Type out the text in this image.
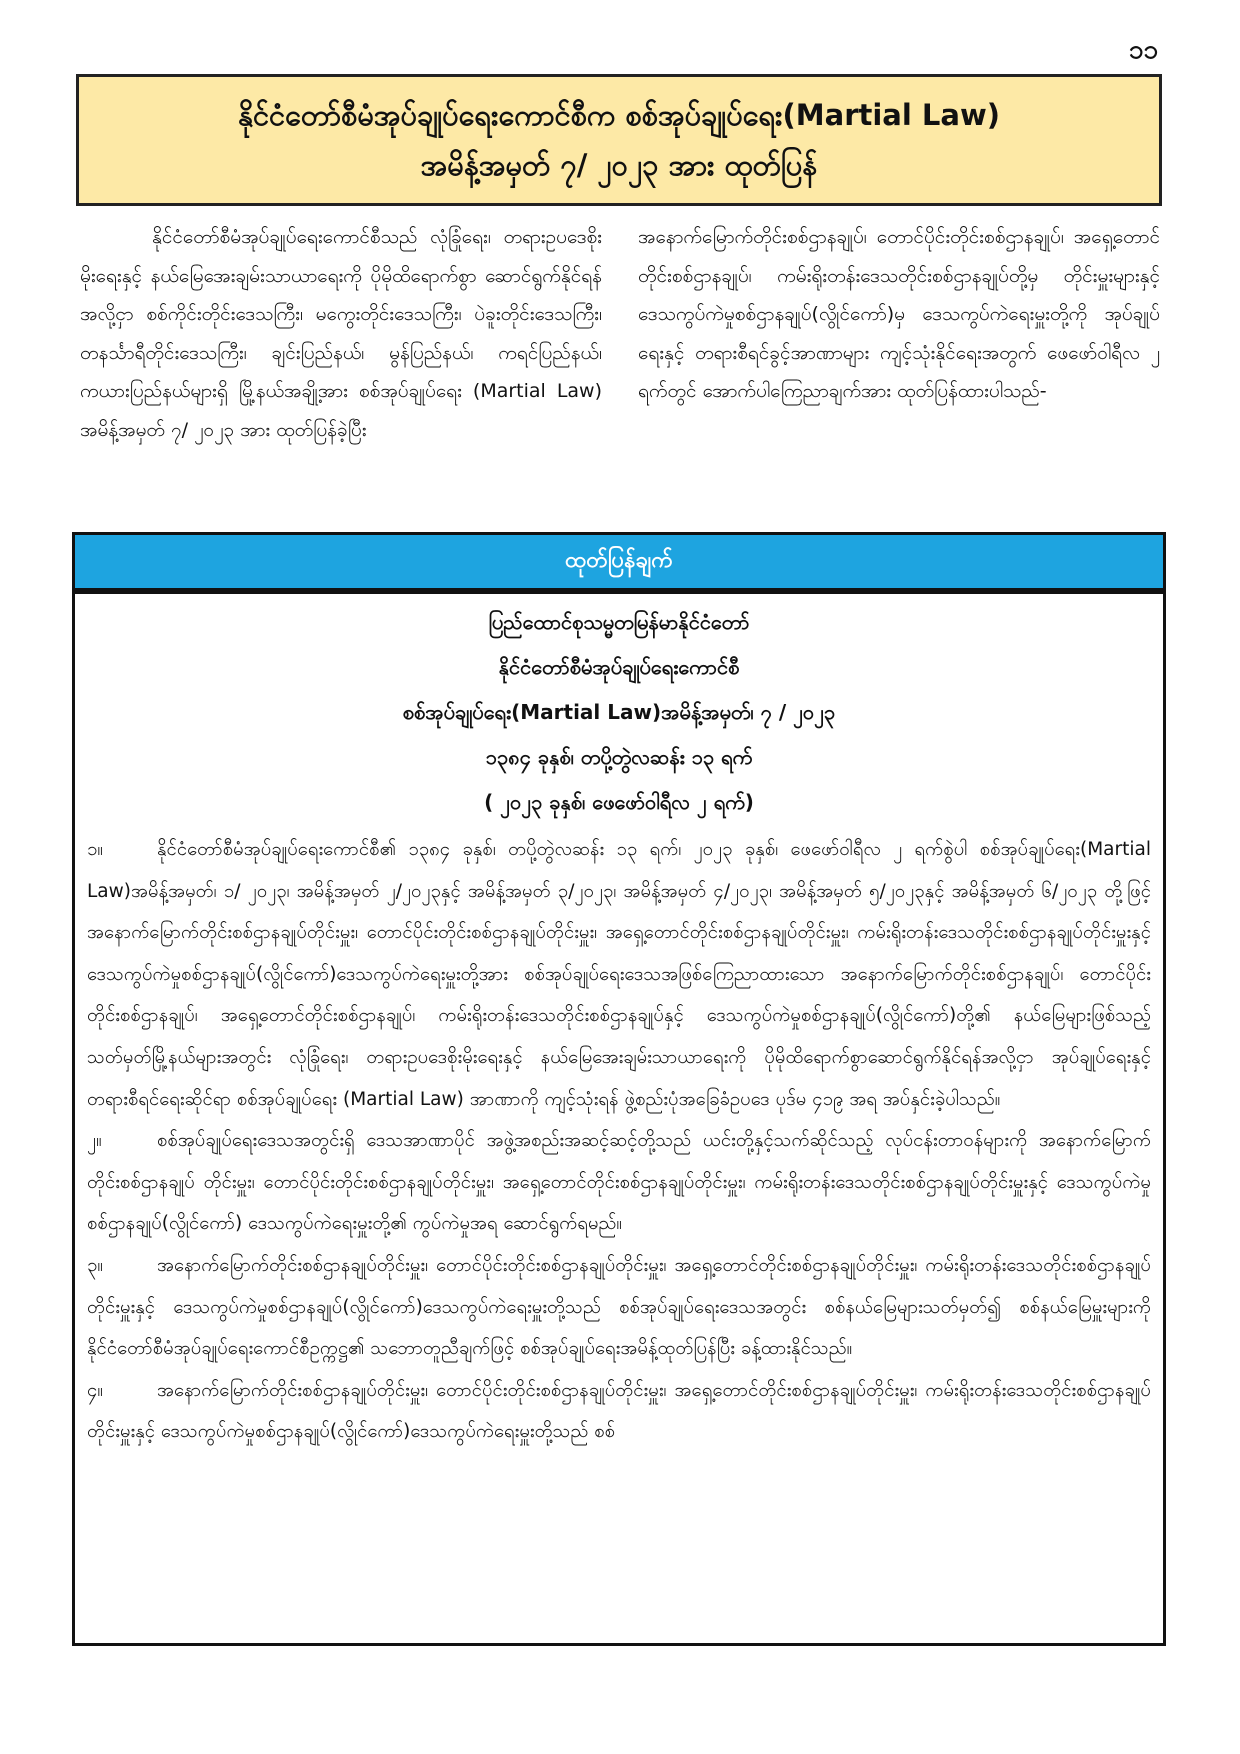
၁၁
နိုင်ငံတော်စီမံအုပ်ချုပ်ရေးကောင်စီက စစ်အုပ်ချုပ်ရေး(Martial Law)
အမိန့်အမှတ် ၇/ ၂၀၂၃ အား ထုတ်ပြန်

နိုင်ငံတော်စီမံအုပ်ချုပ်ရေးကောင်စီသည် လုံခြုံရေး၊ တရားဥပဒေစိုးမိုးရေးနှင့် နယ်မြေအေးချမ်းသာယာရေးကို ပိုမိုထိရောက်စွာ ဆောင်ရွက်နိုင်ရန်အလို့ငှာ စစ်ကိုင်းတိုင်းဒေသကြီး၊ မကွေးတိုင်းဒေသကြီး၊ ပဲခူးတိုင်းဒေသကြီး၊ တနင်္သာရီတိုင်းဒေသကြီး၊ ချင်းပြည်နယ်၊ မွန်ပြည်နယ်၊ ကရင်ပြည်နယ်၊ ကယားပြည်နယ်များရှိ မြို့နယ်အချို့အား စစ်အုပ်ချုပ်ရေး (Martial Law) အမိန့်အမှတ် ၇/ ၂၀၂၃ အား ထုတ်ပြန်ခဲ့ပြီး

အနောက်မြောက်တိုင်းစစ်ဌာနချုပ်၊ တောင်ပိုင်းတိုင်းစစ်ဌာနချုပ်၊ အရှေ့တောင်တိုင်းစစ်ဌာနချုပ်၊ ကမ်းရိုးတန်းဒေသတိုင်းစစ်ဌာနချုပ်တို့မှ တိုင်းမှူးများနှင့် ဒေသကွပ်ကဲမှုစစ်ဌာနချုပ်(လွိုင်ကော်)မှ ဒေသကွပ်ကဲရေးမှူးတို့ကို အုပ်ချုပ်ရေးနှင့် တရားစီရင်ခွင့်အာဏာများ ကျင့်သုံးနိုင်ရေးအတွက် ဖေဖော်ဝါရီလ ၂ ရက်တွင် အောက်ပါကြေညာချက်အား ထုတ်ပြန်ထားပါသည်-

ထုတ်ပြန်ချက်
ပြည်ထောင်စုသမ္မတမြန်မာနိုင်ငံတော်
နိုင်ငံတော်စီမံအုပ်ချုပ်ရေးကောင်စီ
စစ်အုပ်ချုပ်ရေး(Martial Law)အမိန့်အမှတ်၊ ၇ / ၂၀၂၃
၁၃၈၄ ခုနှစ်၊ တပို့တွဲလဆန်း ၁၃ ရက်
( ၂၀၂၃ ခုနှစ်၊ ဖေဖော်ဝါရီလ ၂ ရက်)

၁။	နိုင်ငံတော်စီမံအုပ်ချုပ်ရေးကောင်စီ၏ ၁၃၈၄ ခုနှစ်၊ တပို့တွဲလဆန်း ၁၃ ရက်၊ ၂၀၂၃ ခုနှစ်၊ ဖေဖော်ဝါရီလ ၂ ရက်စွဲပါ စစ်အုပ်ချုပ်ရေး(Martial Law)အမိန့်အမှတ်၊ ၁/ ၂၀၂၃၊ အမိန့်အမှတ် ၂/၂၀၂၃နှင့် အမိန့်အမှတ် ၃/၂၀၂၃၊ အမိန့်အမှတ် ၄/၂၀၂၃၊ အမိန့်အမှတ် ၅/၂၀၂၃နှင့် အမိန့်အမှတ် ၆/၂၀၂၃ တို့ဖြင့် အနောက်မြောက်တိုင်းစစ်ဌာနချုပ်တိုင်းမှူး၊ တောင်ပိုင်းတိုင်းစစ်ဌာနချုပ်တိုင်းမှူး၊ အရှေ့တောင်တိုင်းစစ်ဌာနချုပ်တိုင်းမှူး၊ ကမ်းရိုးတန်းဒေသတိုင်းစစ်ဌာနချုပ်တိုင်းမှူးနှင့် ဒေသကွပ်ကဲမှုစစ်ဌာနချုပ်(လွိုင်ကော်)ဒေသကွပ်ကဲရေးမှူးတို့အား စစ်အုပ်ချုပ်ရေးဒေသအဖြစ်ကြေညာထားသော အနောက်မြောက်တိုင်းစစ်ဌာနချုပ်၊ တောင်ပိုင်းတိုင်းစစ်ဌာနချုပ်၊ အရှေ့တောင်တိုင်းစစ်ဌာနချုပ်၊ ကမ်းရိုးတန်းဒေသတိုင်းစစ်ဌာနချုပ်နှင့် ဒေသကွပ်ကဲမှုစစ်ဌာနချုပ်(လွိုင်ကော်)တို့၏ နယ်မြေများဖြစ်သည့် သတ်မှတ်မြို့နယ်များအတွင်း လုံခြုံရေး၊ တရားဥပဒေစိုးမိုးရေးနှင့် နယ်မြေအေးချမ်းသာယာရေးကို ပိုမိုထိရောက်စွာဆောင်ရွက်နိုင်ရန်အလို့ငှာ အုပ်ချုပ်ရေးနှင့် တရားစီရင်ရေးဆိုင်ရာ စစ်အုပ်ချုပ်ရေး (Martial Law) အာဏာကို ကျင့်သုံးရန် ဖွဲ့စည်းပုံအခြေခံဥပဒေ ပုဒ်မ ၄၁၉ အရ အပ်နှင်းခဲ့ပါသည်။

၂။	စစ်အုပ်ချုပ်ရေးဒေသအတွင်းရှိ ဒေသအာဏာပိုင် အဖွဲ့အစည်းအဆင့်ဆင့်တို့သည် ယင်းတို့နှင့်သက်ဆိုင်သည့် လုပ်ငန်းတာဝန်များကို အနောက်မြောက်တိုင်းစစ်ဌာနချုပ် တိုင်းမှူး၊ တောင်ပိုင်းတိုင်းစစ်ဌာနချုပ်တိုင်းမှူး၊ အရှေ့တောင်တိုင်းစစ်ဌာနချုပ်တိုင်းမှူး၊ ကမ်းရိုးတန်းဒေသတိုင်းစစ်ဌာနချုပ်တိုင်းမှူးနှင့် ဒေသကွပ်ကဲမှုစစ်ဌာနချုပ်(လွိုင်ကော်) ဒေသကွပ်ကဲရေးမှူးတို့၏ ကွပ်ကဲမှုအရ ဆောင်ရွက်ရမည်။

၃။	အနောက်မြောက်တိုင်းစစ်ဌာနချုပ်တိုင်းမှူး၊ တောင်ပိုင်းတိုင်းစစ်ဌာနချုပ်တိုင်းမှူး၊ အရှေ့တောင်တိုင်းစစ်ဌာနချုပ်တိုင်းမှူး၊ ကမ်းရိုးတန်းဒေသတိုင်းစစ်ဌာနချုပ်တိုင်းမှူးနှင့် ဒေသကွပ်ကဲမှုစစ်ဌာနချုပ်(လွိုင်ကော်)ဒေသကွပ်ကဲရေးမှူးတို့သည် စစ်အုပ်ချုပ်ရေးဒေသအတွင်း စစ်နယ်မြေများသတ်မှတ်၍ စစ်နယ်မြေမှူးများကို နိုင်ငံတော်စီမံအုပ်ချုပ်ရေးကောင်စီဥက္ကဋ္ဌ၏ သဘောတူညီချက်ဖြင့် စစ်အုပ်ချုပ်ရေးအမိန့်ထုတ်ပြန်ပြီး ခန့်ထားနိုင်သည်။

၄။	အနောက်မြောက်တိုင်းစစ်ဌာနချုပ်တိုင်းမှူး၊ တောင်ပိုင်းတိုင်းစစ်ဌာနချုပ်တိုင်းမှူး၊ အရှေ့တောင်တိုင်းစစ်ဌာနချုပ်တိုင်းမှူး၊ ကမ်းရိုးတန်းဒေသတိုင်းစစ်ဌာနချုပ် တိုင်းမှူးနှင့် ဒေသကွပ်ကဲမှုစစ်ဌာနချုပ်(လွိုင်ကော်)ဒေသကွပ်ကဲရေးမှူးတို့သည် စစ်
